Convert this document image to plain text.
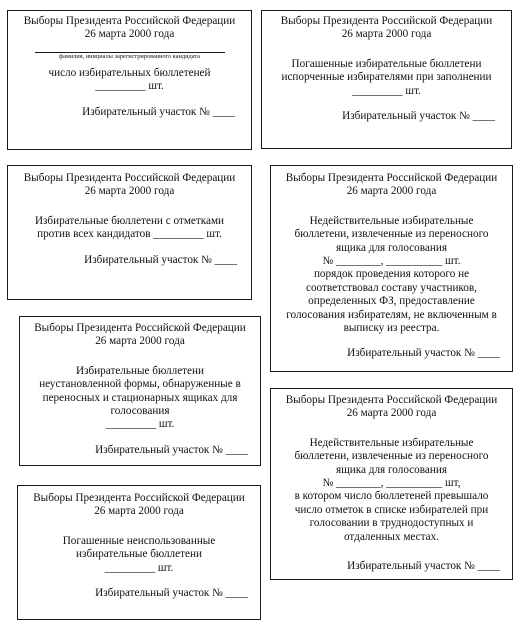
Выборы Президента Российской Федерации
26 марта 2000 года
фамилия, инициалы зарегистрированного кандидата
число избирательных бюллетеней
_________ шт.
Избирательный участок № ____
Выборы Президента Российской Федерации
26 марта 2000 года
Погашенные избирательные бюллетени
испорченные избирателями при заполнении
_________ шт.
Избирательный участок № ____
Выборы Президента Российской Федерации
26 марта 2000 года
Избирательные бюллетени с отметками
против всех кандидатов _________ шт.
Избирательный участок № ____
Выборы Президента Российской Федерации
26 марта 2000 года
Недействительные избирательные
бюллетени, извлеченные из переносного
ящика для голосования
№ ________, __________ шт.
порядок проведения которого не
соответствовал составу участников,
определенных ФЗ, предоставление
голосования избирателям, не включенным в
выписку из реестра.
Избирательный участок № ____
Выборы Президента Российской Федерации
26 марта 2000 года
Избирательные бюллетени
неустановленной формы, обнаруженные в
переносных и стационарных ящиках для
голосования
_________ шт.
Избирательный участок № ____
Выборы Президента Российской Федерации
26 марта 2000 года
Недействительные избирательные
бюллетени, извлеченные из переносного
ящика для голосования
№ ________, __________ шт,
в котором число бюллетеней превышало
число отметок в списке избирателей при
голосовании в труднодоступных и
отдаленных местах.
Избирательный участок № ____
Выборы Президента Российской Федерации
26 марта 2000 года
Погашенные неиспользованные
избирательные бюллетени
_________ шт.
Избирательный участок № ____
